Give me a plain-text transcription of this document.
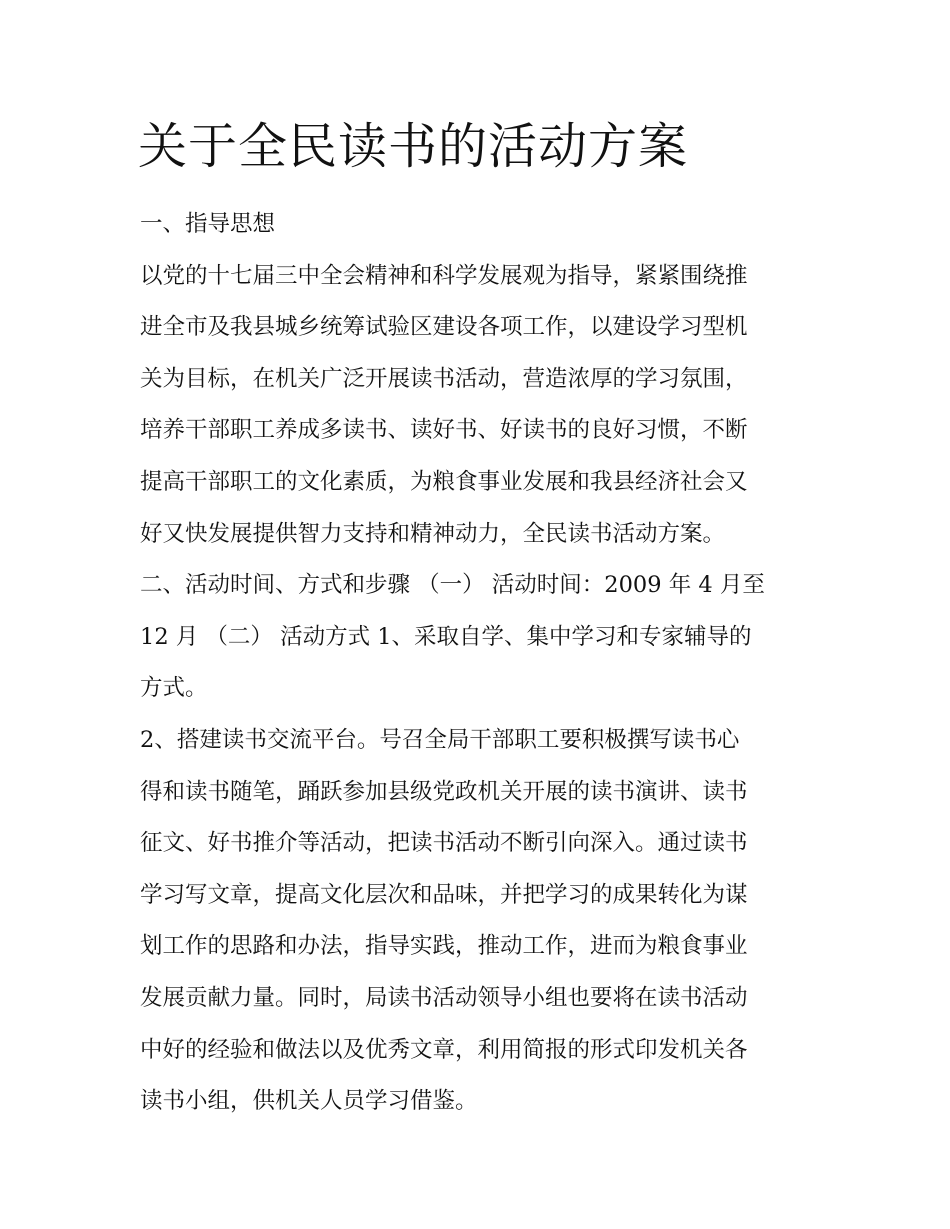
关于全民读书的活动方案
一、指导思想
以党的十七届三中全会精神和科学发展观为指导，紧紧围绕推
进全市及我县城乡统筹试验区建设各项工作，以建设学习型机
关为目标，在机关广泛开展读书活动，营造浓厚的学习氛围，
培养干部职工养成多读书、读好书、好读书的良好习惯，不断
提高干部职工的文化素质，为粮食事业发展和我县经济社会又
好又快发展提供智力支持和精神动力，全民读书活动方案。
二、活动时间、方式和步骤 （一） 活动时间：2009 年 4 月至
12 月 （二） 活动方式 1、采取自学、集中学习和专家辅导的
方式。
2、搭建读书交流平台。号召全局干部职工要积极撰写读书心
得和读书随笔，踊跃参加县级党政机关开展的读书演讲、读书
征文、好书推介等活动，把读书活动不断引向深入。通过读书
学习写文章，提高文化层次和品味，并把学习的成果转化为谋
划工作的思路和办法，指导实践，推动工作，进而为粮食事业
发展贡献力量。同时，局读书活动领导小组也要将在读书活动
中好的经验和做法以及优秀文章，利用简报的形式印发机关各
读书小组，供机关人员学习借鉴。
